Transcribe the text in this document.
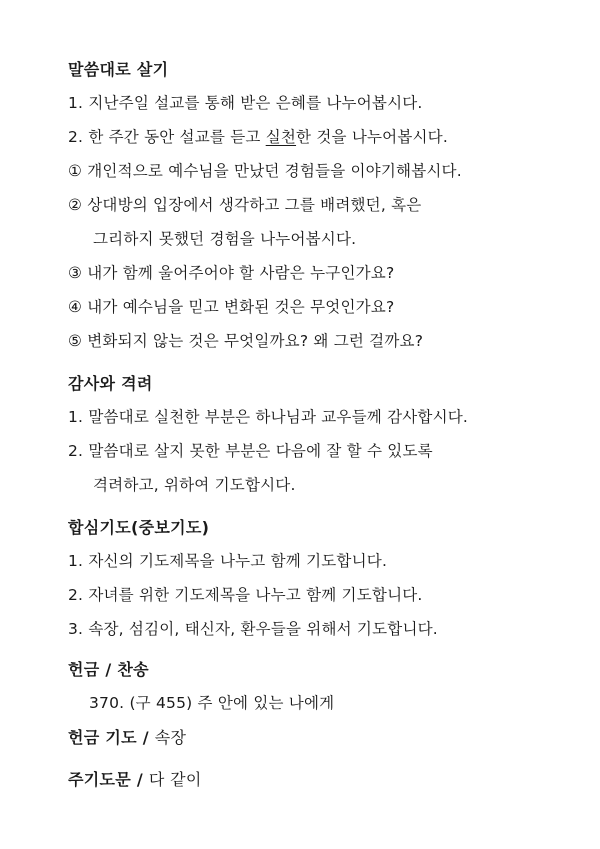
말씀대로 살기
1. 지난주일 설교를 통해 받은 은혜를 나누어봅시다.
2. 한 주간 동안 설교를 듣고 실천한 것을 나누어봅시다.
① 개인적으로 예수님을 만났던 경험들을 이야기해봅시다.
② 상대방의 입장에서 생각하고 그를 배려했던, 혹은
그리하지 못했던 경험을 나누어봅시다.
③ 내가 함께 울어주어야 할 사람은 누구인가요?
④ 내가 예수님을 믿고 변화된 것은 무엇인가요?
⑤ 변화되지 않는 것은 무엇일까요? 왜 그런 걸까요?
감사와 격려
1. 말씀대로 실천한 부분은 하나님과 교우들께 감사합시다.
2. 말씀대로 살지 못한 부분은 다음에 잘 할 수 있도록
격려하고, 위하여 기도합시다.
합심기도(중보기도)
1. 자신의 기도제목을 나누고 함께 기도합니다.
2. 자녀를 위한 기도제목을 나누고 함께 기도합니다.
3. 속장, 섬김이, 태신자, 환우들을 위해서 기도합니다.
헌금 / 찬송
370. (구 455) 주 안에 있는 나에게
헌금 기도 / 속장
주기도문 / 다 같이
